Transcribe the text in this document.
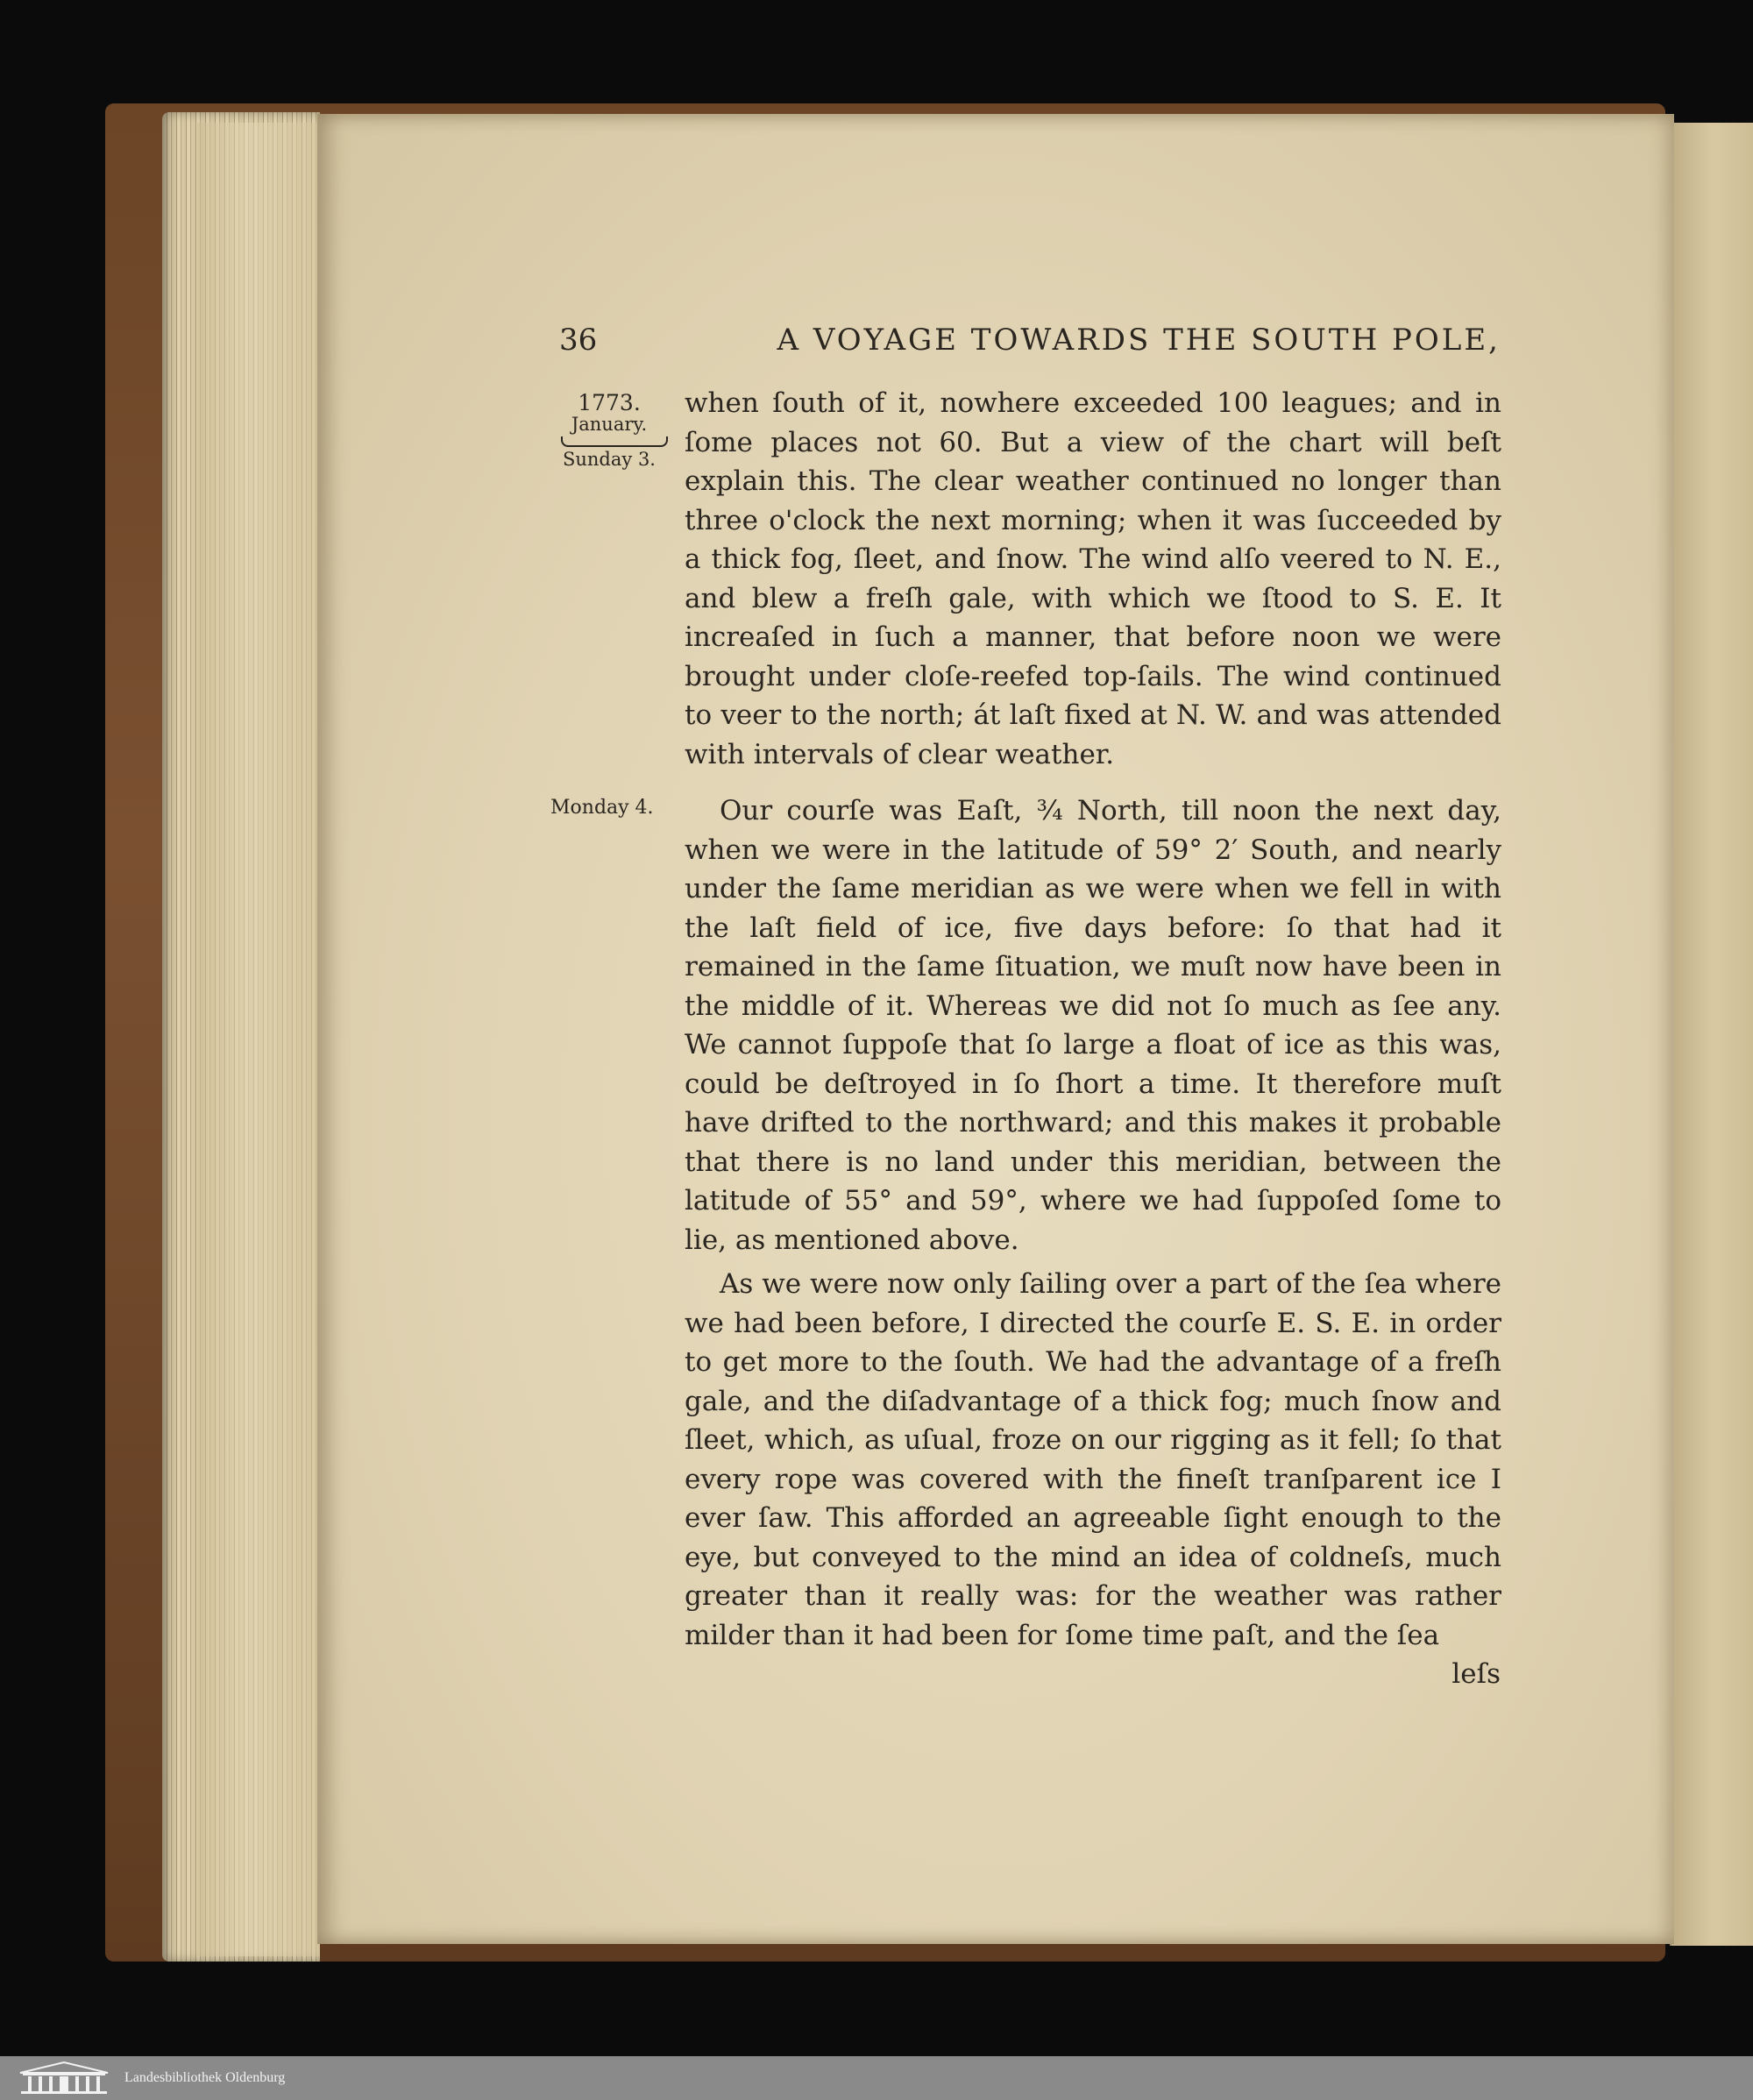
36	A VOYAGE TOWARDS THE SOUTH POLE,
1773.
January.
Sunday 3.
Monday 4.

when ſouth of it, nowhere exceeded 100 leagues; and in ſome places not 60. But a view of the chart will beſt explain this. The clear weather continued no longer than three o'clock the next morning; when it was ſucceeded by a thick fog, ſleet, and ſnow. The wind alſo veered to N. E., and blew a freſh gale, with which we ſtood to S. E. It increaſed in ſuch a manner, that before noon we were brought under cloſe-reefed top-ſails. The wind continued to veer to the north; át laſt fixed at N. W. and was attended with intervals of clear weather.

Our courſe was Eaſt, ¾ North, till noon the next day, when we were in the latitude of 59° 2′ South, and nearly under the ſame meridian as we were when we fell in with the laſt field of ice, five days before: ſo that had it remained in the ſame ſituation, we muſt now have been in the middle of it. Whereas we did not ſo much as ſee any. We cannot ſuppoſe that ſo large a float of ice as this was, could be deſtroyed in ſo ſhort a time. It therefore muſt have drifted to the northward; and this makes it probable that there is no land under this meridian, between the latitude of 55° and 59°, where we had ſuppoſed ſome to lie, as mentioned above.

As we were now only ſailing over a part of the ſea where we had been before, I directed the courſe E. S. E. in order to get more to the ſouth. We had the advantage of a freſh gale, and the diſadvantage of a thick fog; much ſnow and ſleet, which, as uſual, froze on our rigging as it fell; ſo that every rope was covered with the fineſt tranſparent ice I ever ſaw. This afforded an agreeable ſight enough to the eye, but conveyed to the mind an idea of coldneſs, much greater than it really was: for the weather was rather milder than it had been for ſome time paſt, and the ſea

leſs
Landesbibliothek Oldenburg
